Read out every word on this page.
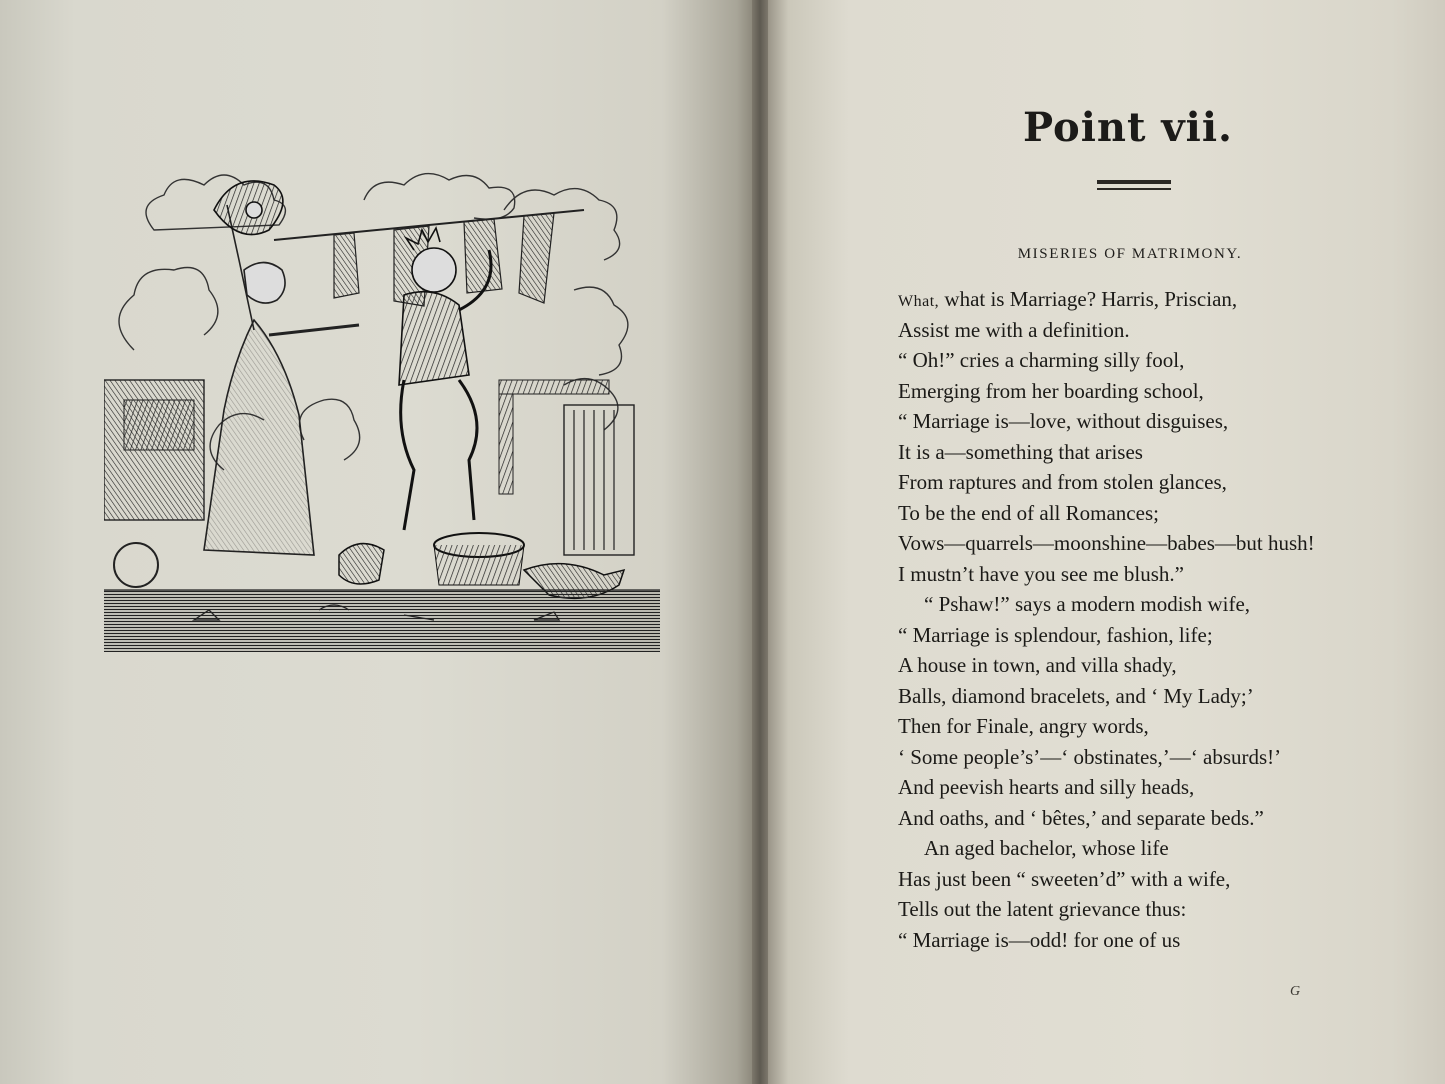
Point vii.
MISERIES OF MATRIMONY.
What, what is Marriage? Harris, Priscian,
Assist me with a definition.
“ Oh!” cries a charming silly fool,
Emerging from her boarding school,
“ Marriage is—love, without disguises,
It is a—something that arises
From raptures and from stolen glances,
To be the end of all Romances;
Vows—quarrels—moonshine—babes—but hush!
I mustn’t have you see me blush.”
“ Pshaw!” says a modern modish wife,
“ Marriage is splendour, fashion, life;
A house in town, and villa shady,
Balls, diamond bracelets, and ‘ My Lady;’
Then for Finale, angry words,
‘ Some people’s’—‘ obstinates,’—‘ absurds!’
And peevish hearts and silly heads,
And oaths, and ‘ bêtes,’ and separate beds.”
An aged bachelor, whose life
Has just been “ sweeten’d” with a wife,
Tells out the latent grievance thus:
“ Marriage is—odd! for one of us
G
